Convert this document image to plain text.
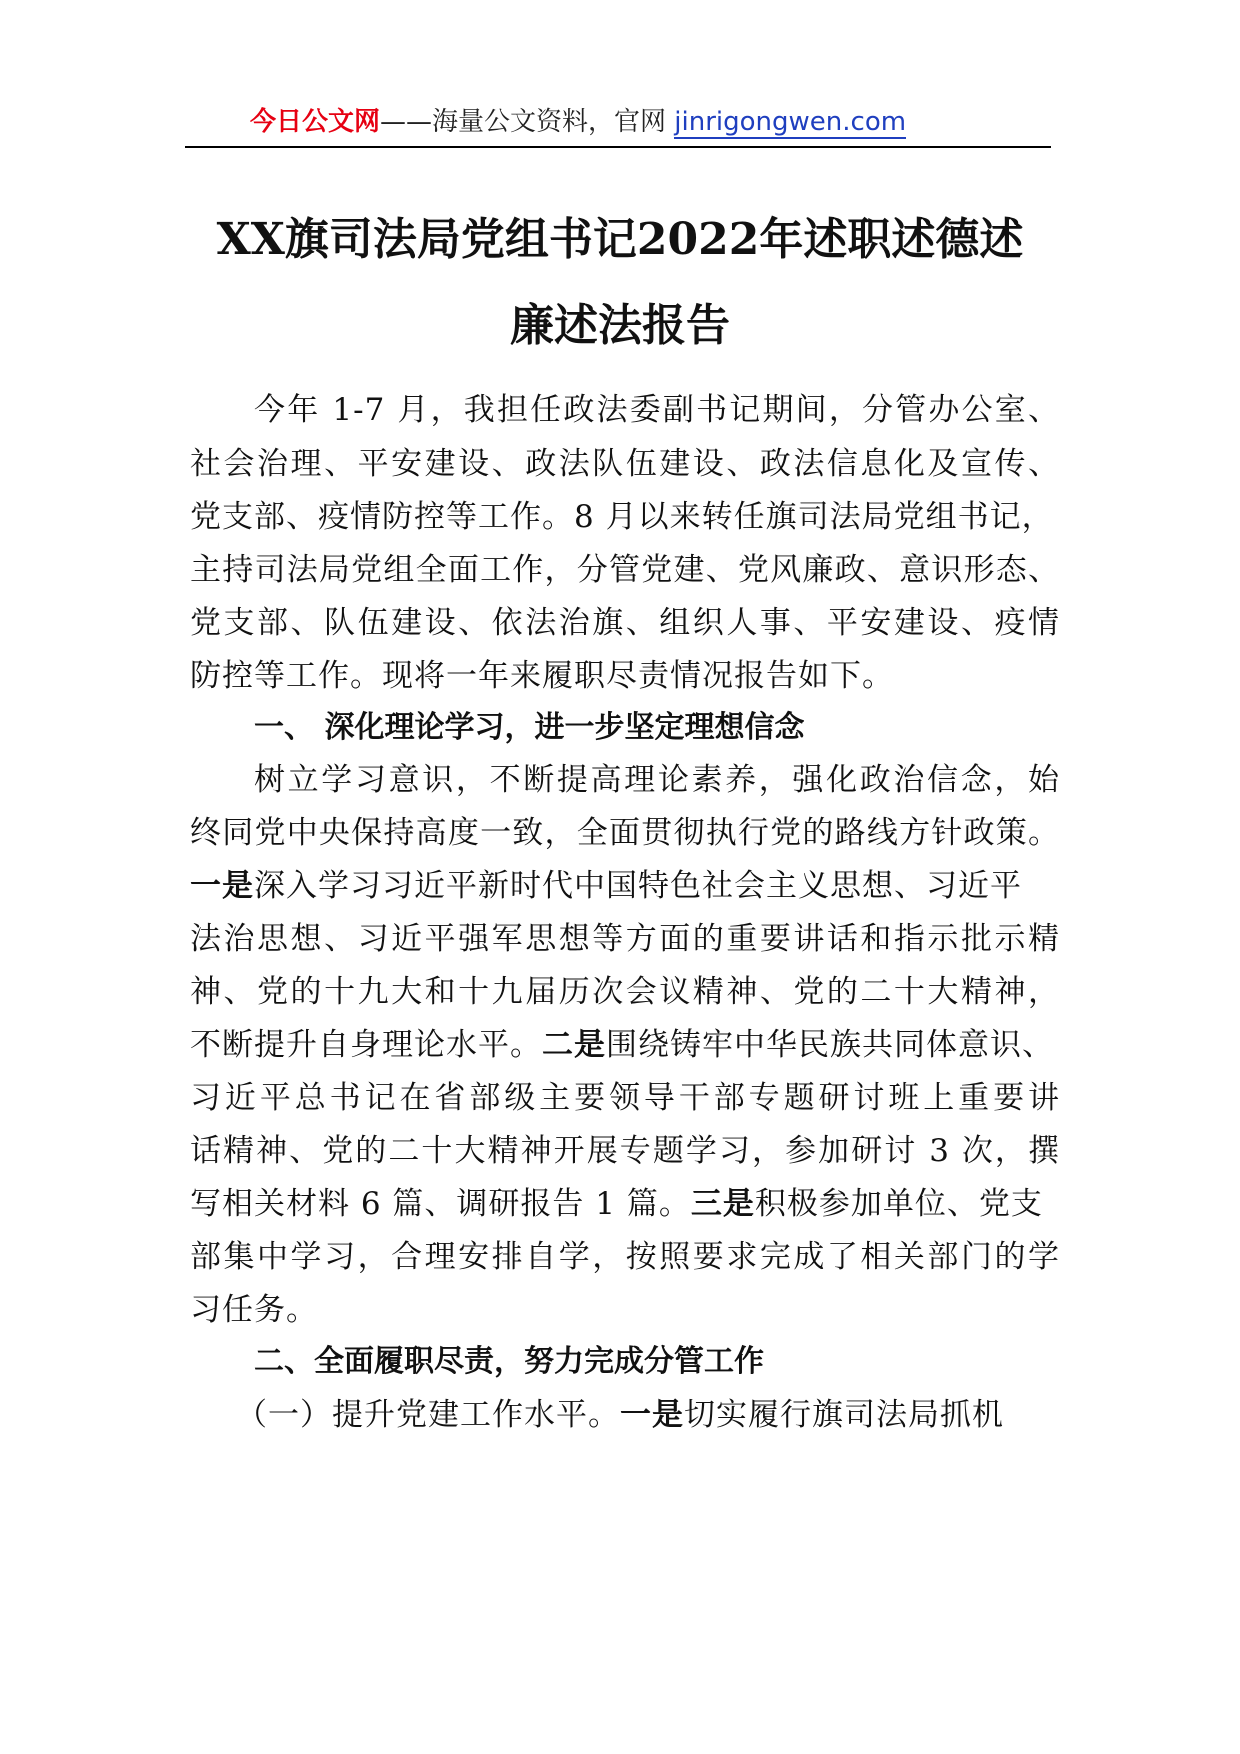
今日公文网——海量公文资料，官网 jinrigongwen.com
XX旗司法局党组书记2022年述职述德述
廉述法报告
今年 1-7 月，我担任政法委副书记期间，分管办公室、
社会治理、平安建设、政法队伍建设、政法信息化及宣传、
党支部、疫情防控等工作。8 月以来转任旗司法局党组书记，
主持司法局党组全面工作，分管党建、党风廉政、意识形态、
党支部、队伍建设、依法治旗、组织人事、平安建设、疫情
防控等工作。现将一年来履职尽责情况报告如下。
一、 深化理论学习，进一步坚定理想信念
树立学习意识，不断提高理论素养，强化政治信念，始
终同党中央保持高度一致，全面贯彻执行党的路线方针政策。
一是深入学习习近平新时代中国特色社会主义思想、习近平
法治思想、习近平强军思想等方面的重要讲话和指示批示精
神、党的十九大和十九届历次会议精神、党的二十大精神，
不断提升自身理论水平。二是围绕铸牢中华民族共同体意识、
习近平总书记在省部级主要领导干部专题研讨班上重要讲
话精神、党的二十大精神开展专题学习，参加研讨 3 次，撰
写相关材料 6 篇、调研报告 1 篇。三是积极参加单位、党支
部集中学习，合理安排自学，按照要求完成了相关部门的学
习任务。
二、全面履职尽责，努力完成分管工作
（一）提升党建工作水平。一是切实履行旗司法局抓机
